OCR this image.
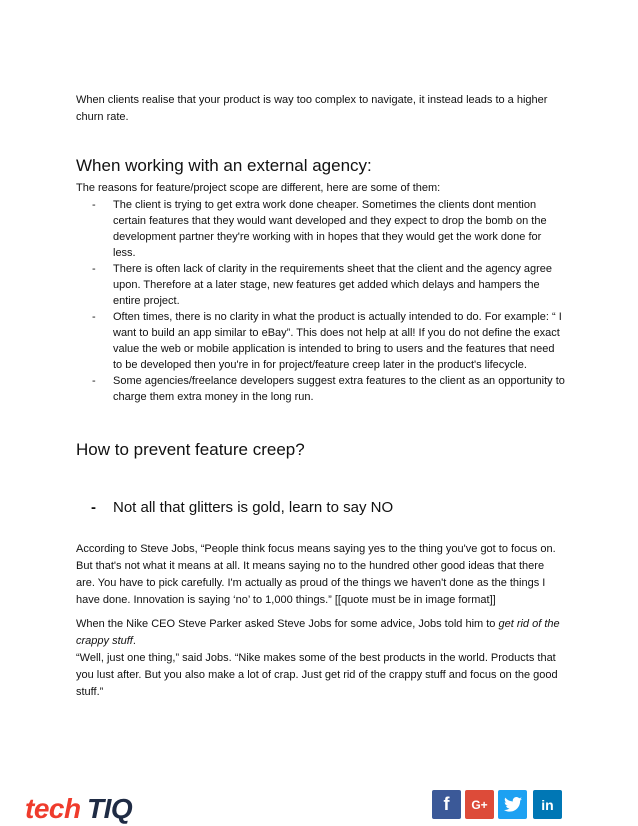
When clients realise that your product is way too complex to navigate, it instead leads to a higher churn rate.

When working with an external agency:

The reasons for feature/project scope are different, here are some of them:

- The client is trying to get extra work done cheaper. Sometimes the clients dont mention certain features that they would want developed and they expect to drop the bomb on the development partner they're working with in hopes that they would get the work done for less.
- There is often lack of clarity in the requirements sheet that the client and the agency agree upon. Therefore at a later stage, new features get added which delays and hampers the entire project.
- Often times, there is no clarity in what the product is actually intended to do. For example: “ I want to build an app similar to eBay”. This does not help at all! If you do not define the exact value the web or mobile application is intended to bring to users and the features that need to be developed then you're in for project/feature creep later in the product's lifecycle.
- Some agencies/freelance developers suggest extra features to the client as an opportunity to charge them extra money in the long run.
How to prevent feature creep?
- Not all that glitters is gold, learn to say NO

According to Steve Jobs, “People think focus means saying yes to the thing you've got to focus on. But that's not what it means at all. It means saying no to the hundred other good ideas that there are. You have to pick carefully. I'm actually as proud of the things we haven't done as the things I have done. Innovation is saying ‘no’ to 1,000 things.” [[quote must be in image format]]

When the Nike CEO Steve Parker asked Steve Jobs for some advice, Jobs told him to get rid of the crappy stuff.

“Well, just one thing,” said Jobs. “Nike makes some of the best products in the world. Products that you lust after. But you also make a lot of crap. Just get rid of the crappy stuff and focus on the good stuff.”

tech TIQ	f G+	in
